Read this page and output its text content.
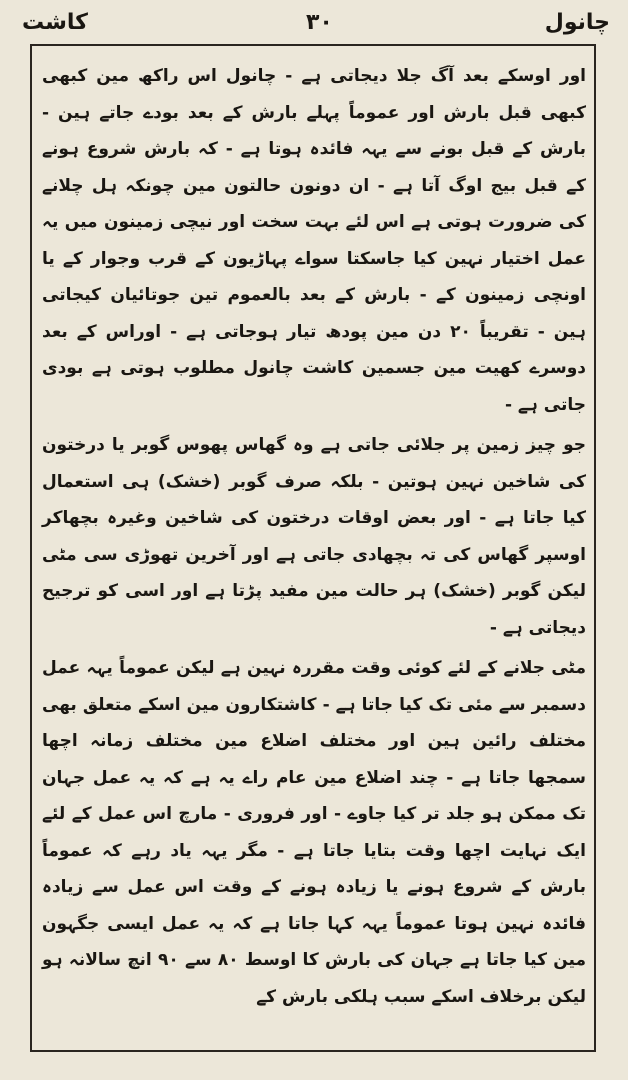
چانول
۳۰
کاشت

اور اوسکے بعد آگ جلا دیجاتی ہے - چانول اس راکھ مین کبھی کبھی قبل بارش اور عموماً پہلے بارش کے بعد بودے جاتے ہین - بارش کے قبل بونے سے یہہ فائدہ ہوتا ہے - کہ بارش شروع ہونے کے قبل بیج اوگ آتا ہے - ان دونون حالتون مین چونکہ ہل چلانے کی ضرورت ہوتی ہے اس لئے بہت سخت اور نیچی زمینون میں یہ عمل اختیار نہین کیا جاسکتا سواے پہاڑیون کے قرب وجوار کے یا اونچی زمینون کے - بارش کے بعد بالعموم تین جوتائیان کیجاتی ہین - تقریباً ۲۰ دن مین پودھ تیار ہوجاتی ہے - اوراس کے بعد دوسرے کھیت مین جسمین کاشت چانول مطلوب ہوتی ہے بودی جاتی ہے -

جو چیز زمین پر جلائی جاتی ہے وہ گھاس پھوس گوبر یا درختون کی شاخین نہین ہوتین - بلکہ صرف گوبر (خشک) ہی استعمال کیا جاتا ہے - اور بعض اوقات درختون کی شاخین وغیرہ بچھاکر اوسپر گھاس کی تہ بچھادی جاتی ہے اور آخرین تھوڑی سی مٹی لیکن گوبر (خشک) ہر حالت مین مفید پڑتا ہے اور اسی کو ترجیح دیجاتی ہے -

مٹی جلانے کے لئے کوئی وقت مقررہ نہین ہے لیکن عموماً یہہ عمل دسمبر سے مئی تک کیا جاتا ہے - کاشتکارون مین اسکے متعلق بھی مختلف رائین ہین اور مختلف اضلاع مین مختلف زمانہ اچھا سمجھا جاتا ہے - چند اضلاع مین عام راے یہ ہے کہ یہ عمل جہان تک ممکن ہو جلد تر کیا جاوے - اور فروری - مارچ اس عمل کے لئے ایک نہایت اچھا وقت بتایا جاتا ہے - مگر یہہ یاد رہے کہ عموماً بارش کے شروع ہونے یا زیادہ ہونے کے وقت اس عمل سے زیادہ فائدہ نہین ہوتا عموماً یہہ کہا جاتا ہے کہ یہ عمل ایسی جگہون مین کیا جاتا ہے جہان کی بارش کا اوسط ۸۰ سے ۹۰ انچ سالانہ ہو لیکن برخلاف اسکے سبب ہلکی بارش کے
